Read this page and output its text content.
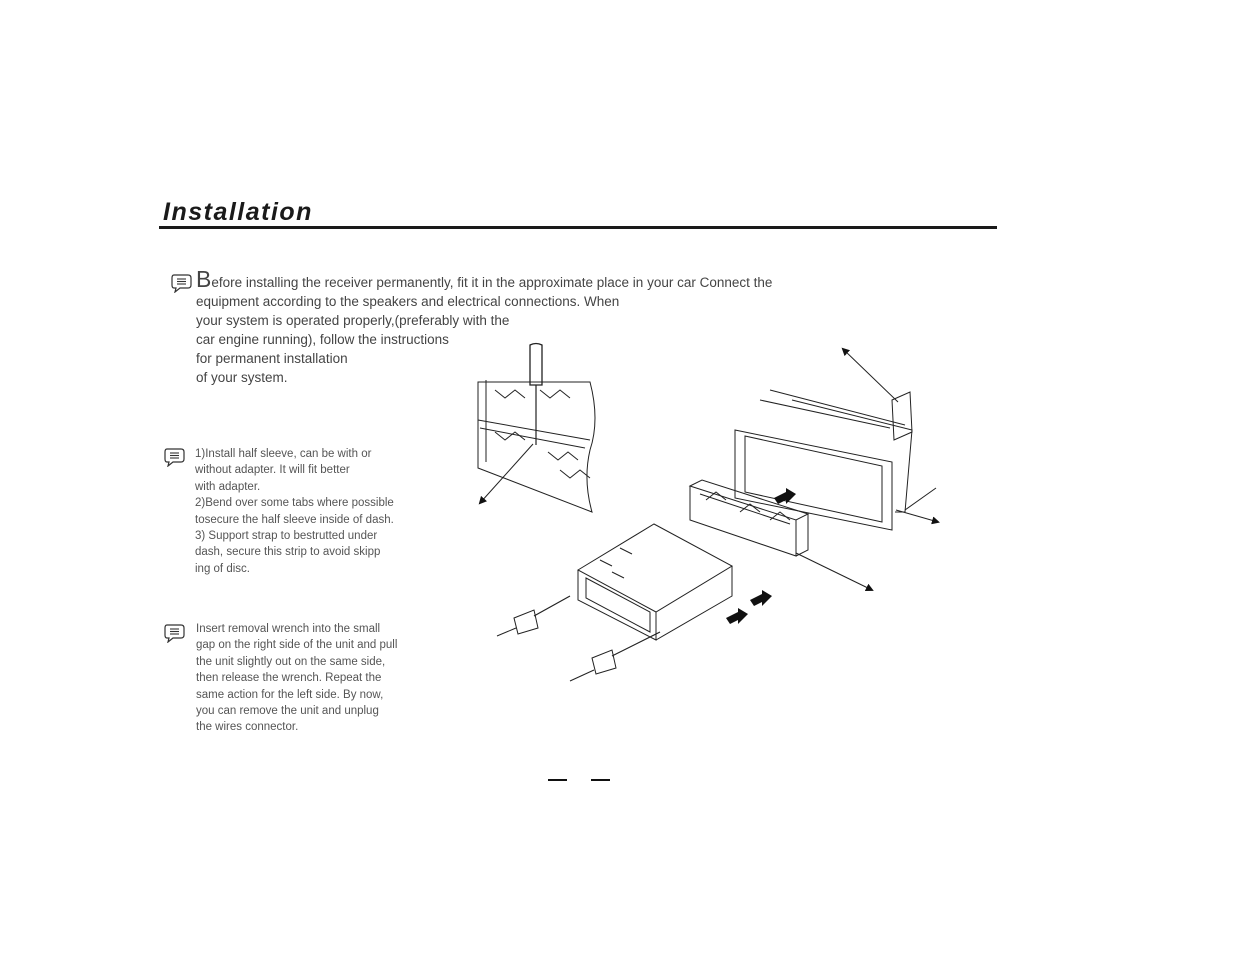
Installation
Before installing the receiver permanently, fit it in the approximate place in your car Connect the
equipment according to the speakers and electrical connections. When
your system is operated properly,(preferably with the
car engine running), follow the instructions
for permanent installation
of your system.
1)Install half sleeve, can be with or
without adapter. It will fit better
with adapter.
2)Bend over some tabs where possible
tosecure the half sleeve inside of dash.
3) Support strap to bestrutted under
dash, secure this strip to avoid skipp
ing of disc.
Insert removal wrench into the small
gap on the right side of the unit and pull
the unit slightly out on the same side,
then release the wrench. Repeat the
same action for the left side. By now,
you can remove the unit and unplug
the wires connector.
